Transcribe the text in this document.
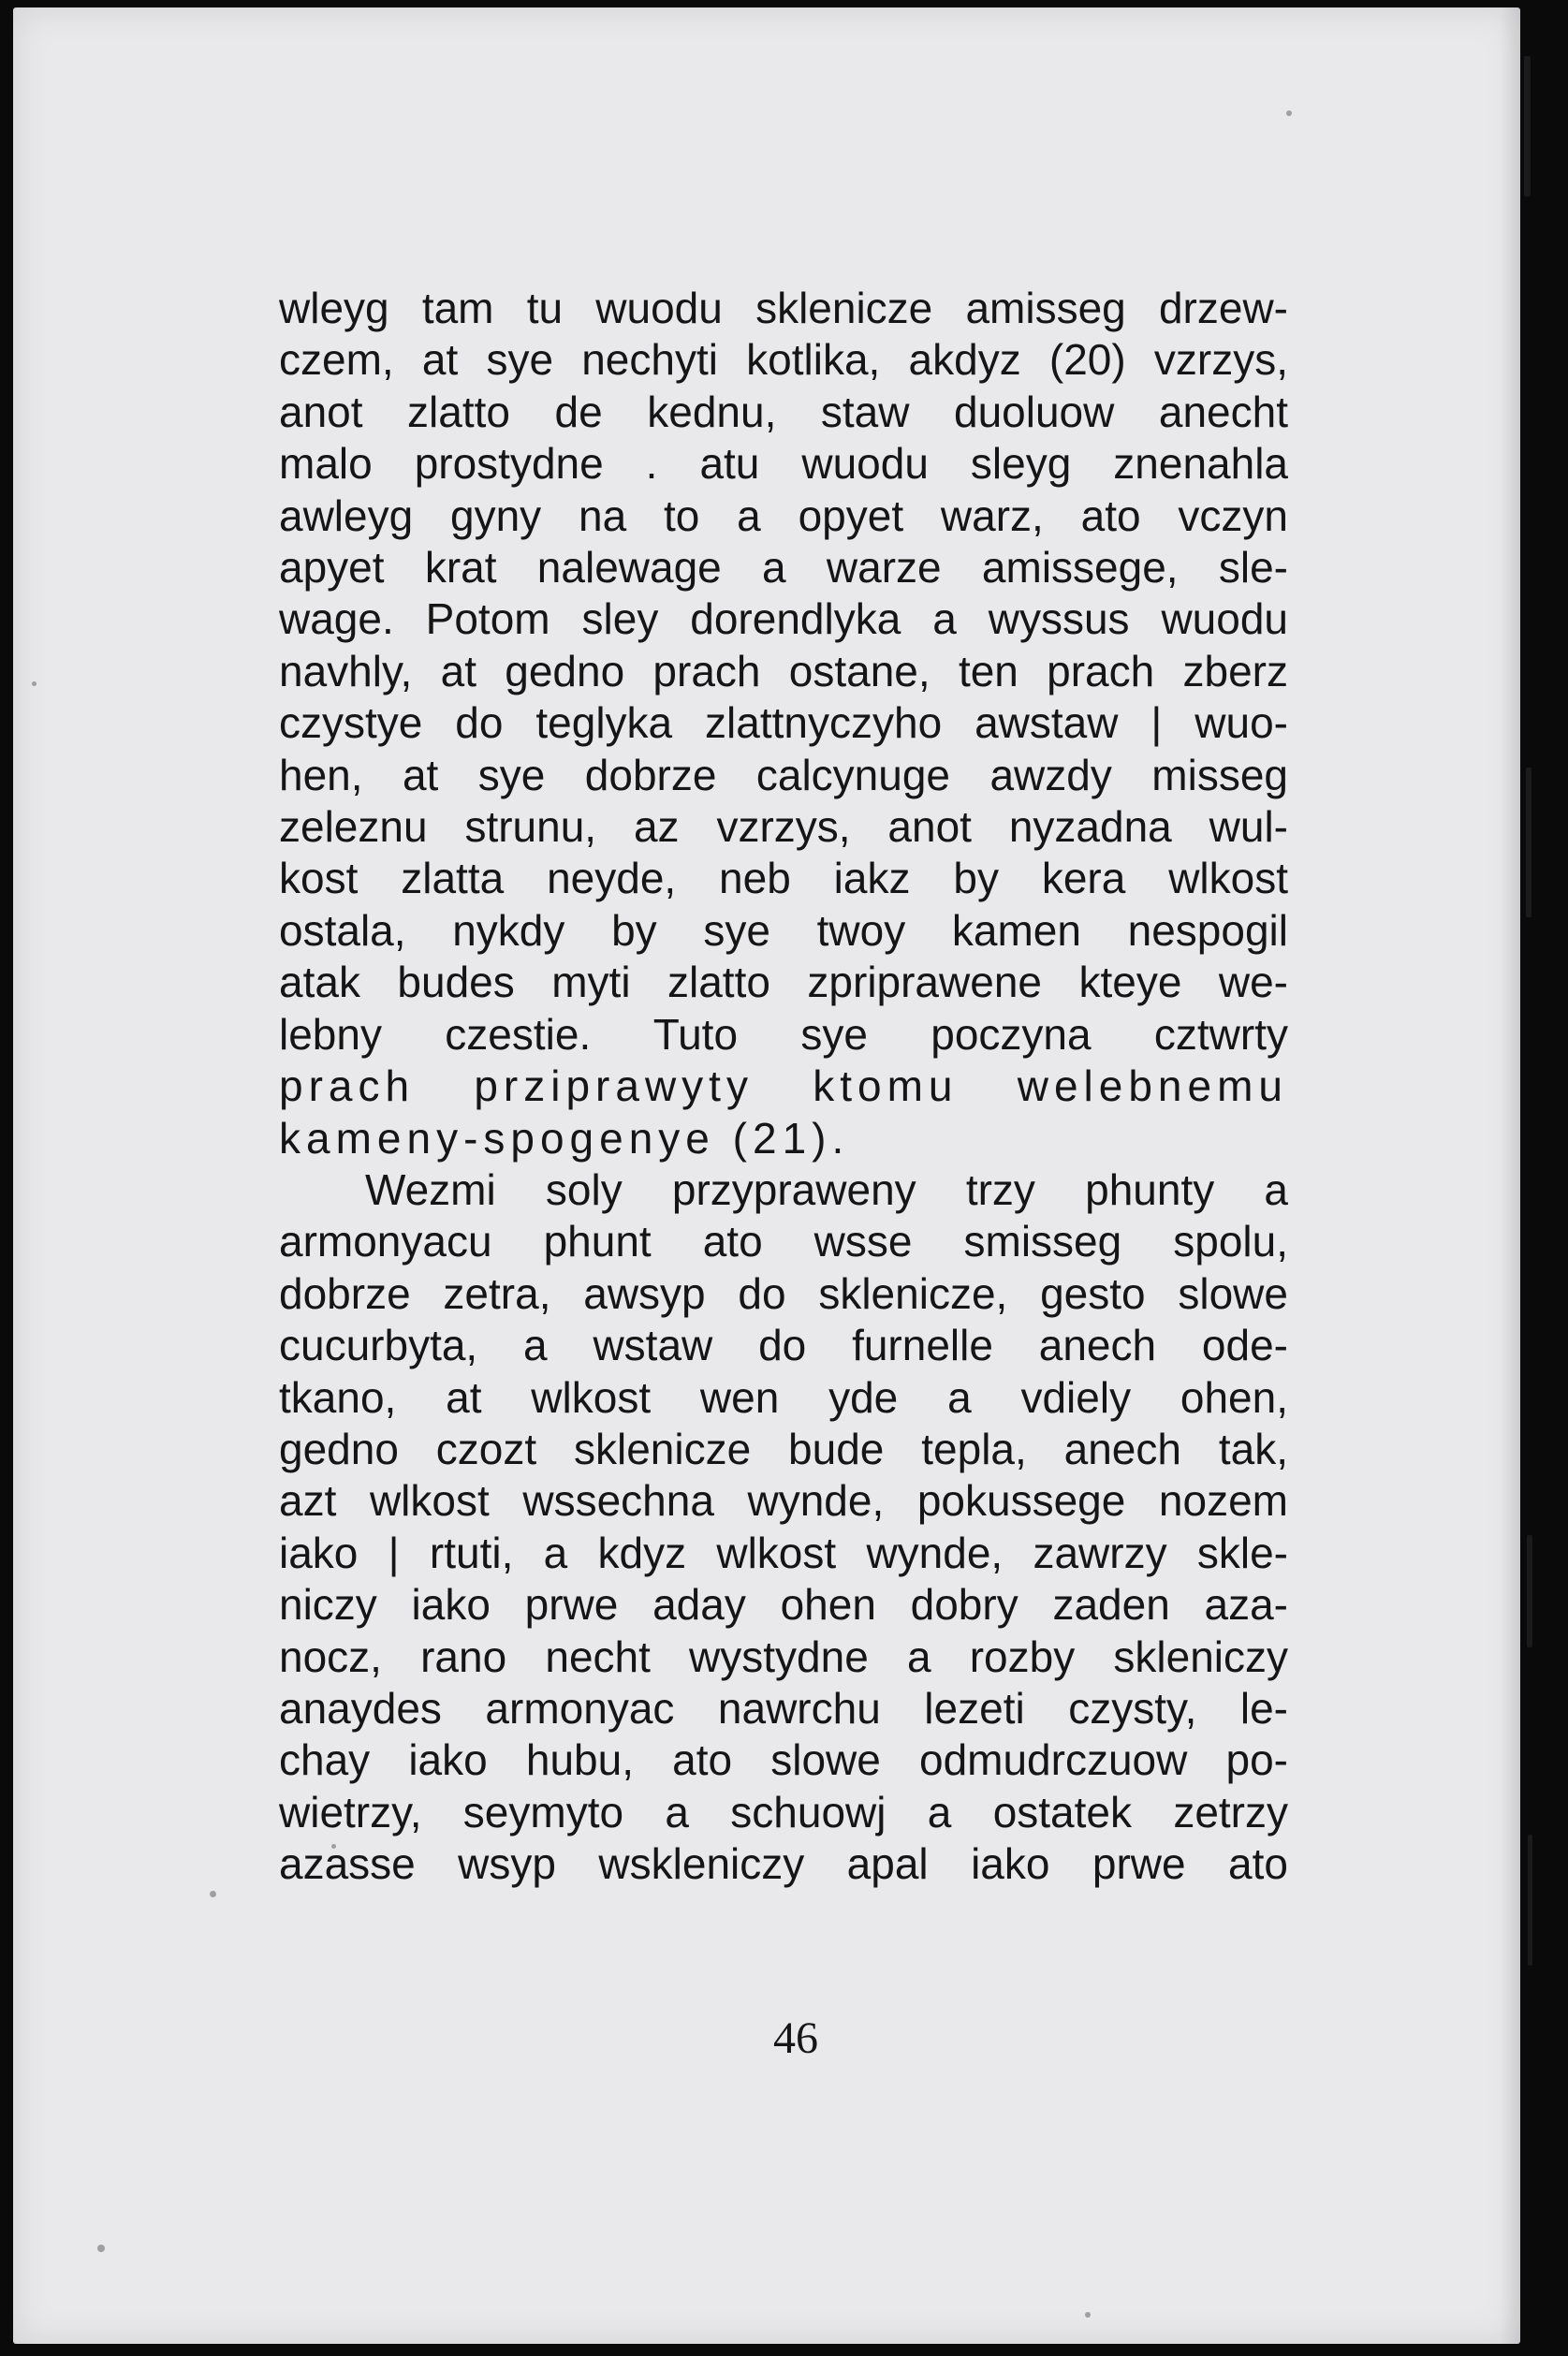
wleyg tam tu wuodu sklenicze amisseg drzew-
czem, at sye nechyti kotlika, akdyz (20) vzrzys,
anot zlatto de kednu, staw duoluow anecht
malo prostydne . atu wuodu sleyg znenahla
awleyg gyny na to a opyet warz, ato vczyn
apyet krat nalewage a warze amissege, sle-
wage. Potom sley dorendlyka a wyssus wuodu
navhly, at gedno prach ostane, ten prach zberz
czystye do teglyka zlattnyczyho awstaw | wuo-
hen, at sye dobrze calcynuge awzdy misseg
zeleznu strunu, az vzrzys, anot nyzadna wul-
kost zlatta neyde, neb iakz by kera wlkost
ostala, nykdy by sye twoy kamen nespogil
atak budes myti zlatto zpriprawene kteye we-
lebny czestie. Tuto sye poczyna cztwrty
prach prziprawyty ktomu welebnemu
kameny-spogenye (21).
Wezmi soly przypraweny trzy phunty a
armonyacu phunt ato wsse smisseg spolu,
dobrze zetra, awsyp do sklenicze, gesto slowe
cucurbyta, a wstaw do furnelle anech ode-
tkano, at wlkost wen yde a vdiely ohen,
gedno czozt sklenicze bude tepla, anech tak,
azt wlkost wssechna wynde, pokussege nozem
iako | rtuti, a kdyz wlkost wynde, zawrzy skle-
niczy iako prwe aday ohen dobry zaden aza-
nocz, rano necht wystydne a rozby skleniczy
anaydes armonyac nawrchu lezeti czysty, le-
chay iako hubu, ato slowe odmudrczuow po-
wietrzy, seymyto a schuowj a ostatek zetrzy
azasse wsyp wskleniczy apal iako prwe ato
46
